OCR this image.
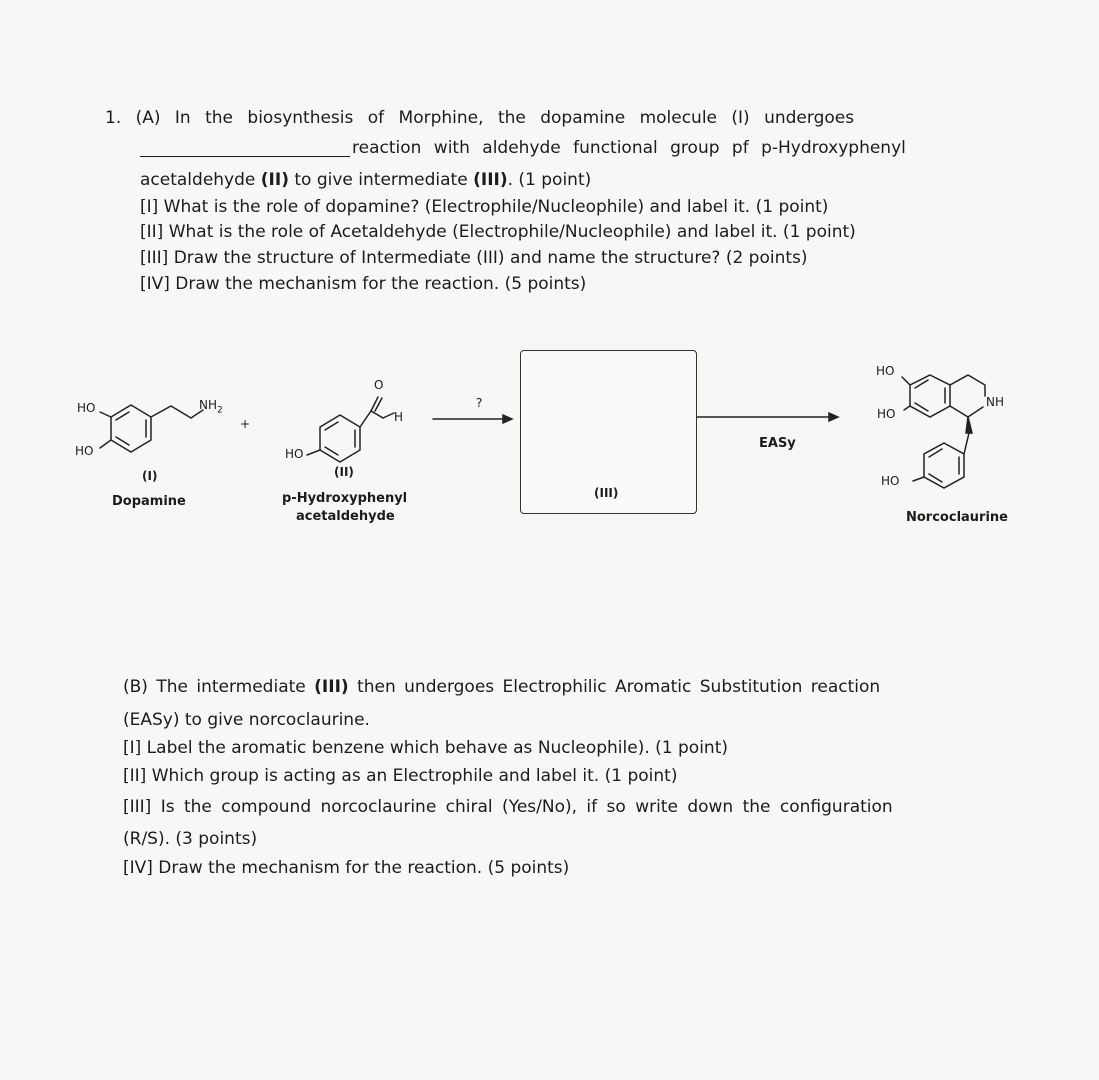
1. (A) In the biosynthesis of Morphine, the dopamine molecule (I) undergoes
reaction with aldehyde functional group pf p-Hydroxyphenyl
acetaldehyde (II) to give intermediate (III). (1 point)
[I] What is the role of dopamine? (Electrophile/Nucleophile) and label it. (1 point)
[II] What is the role of Acetaldehyde (Electrophile/Nucleophile) and label it. (1 point)
[III] Draw the structure of Intermediate (III) and name the structure? (2 points)
[IV] Draw the mechanism for the reaction. (5 points)
HO
HO
$NH_2$
(I)
Dopamine
+
O
H
HO
(II)
p-Hydroxyphenyl
acetaldehyde
?
(III)
EASy
HO
HO
NH
HO
Norcoclaurine
(B) The intermediate (III) then undergoes Electrophilic Aromatic Substitution reaction
(EASy) to give norcoclaurine.
[I] Label the aromatic benzene which behave as Nucleophile). (1 point)
[II] Which group is acting as an Electrophile and label it. (1 point)
[III] Is the compound norcoclaurine chiral (Yes/No), if so write down the configuration
(R/S). (3 points)
[IV] Draw the mechanism for the reaction. (5 points)
